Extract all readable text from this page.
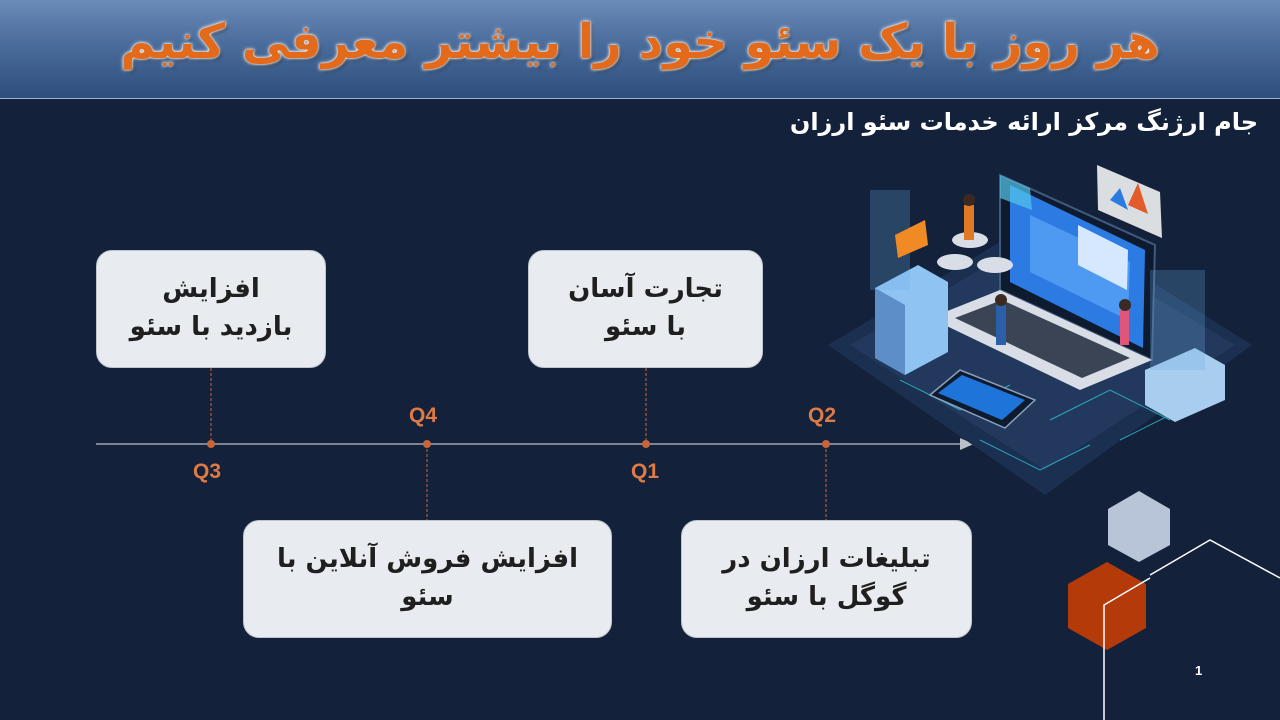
هر روز با یک سئو خود را بیشتر معرفی کنیم
جام ارژنگ مرکز ارائه خدمات سئو ارزان
افزایش
بازدید با سئو
افزایش فروش آنلاین با
سئو
تجارت آسان
با سئو
تبلیغات ارزان در
گوگل با سئو
Q3
Q4
Q1
Q2
1
